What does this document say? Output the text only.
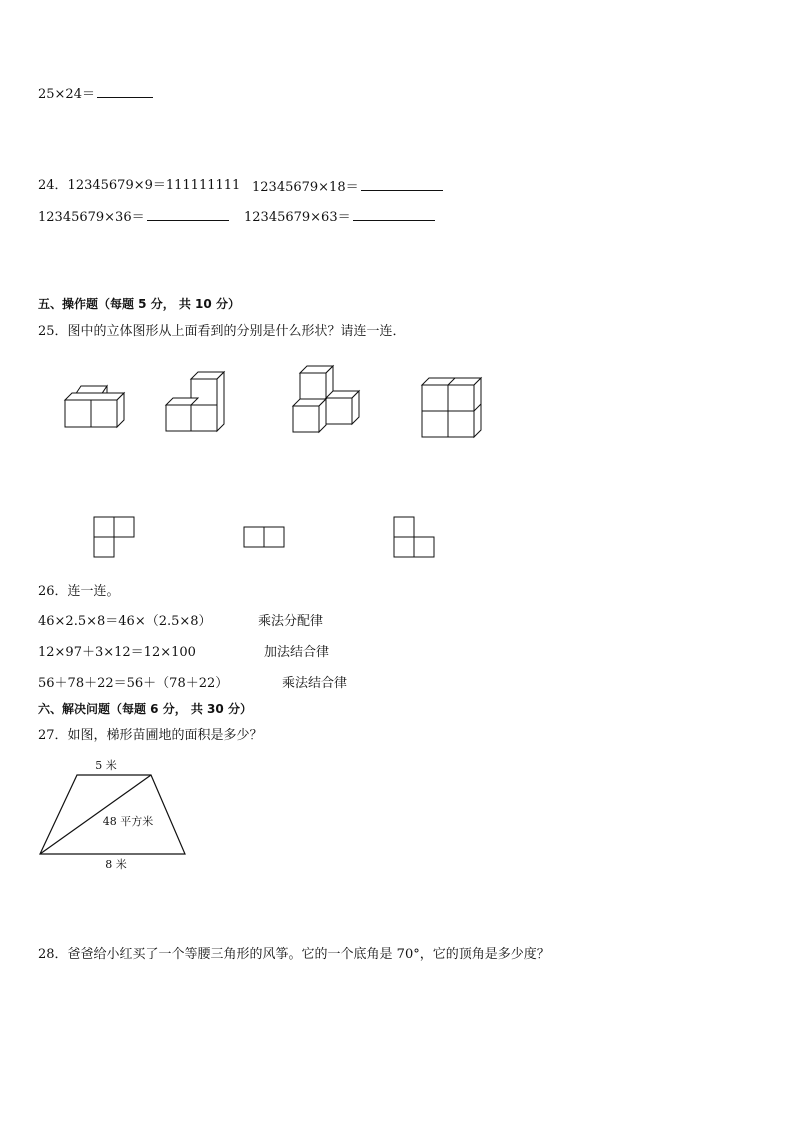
25×24＝
24．12345679×9＝111111111 12345679×18＝
12345679×36＝	12345679×63＝
五、操作题（每题 5 分， 共 10 分）
25．图中的立体图形从上面看到的分别是什么形状？请连一连．
26．连一连。
46×2.5×8＝46×（2.5×8）	乘法分配律
12×97＋3×12＝12×100	加法结合律
56＋78＋22＝56＋（78＋22）	乘法结合律
六、解决问题（每题 6 分， 共 30 分）
27．如图，梯形苗圃地的面积是多少？
5 米
48 平方米
8 米
28．爸爸给小红买了一个等腰三角形的风筝。它的一个底角是 70°，它的顶角是多少度？
